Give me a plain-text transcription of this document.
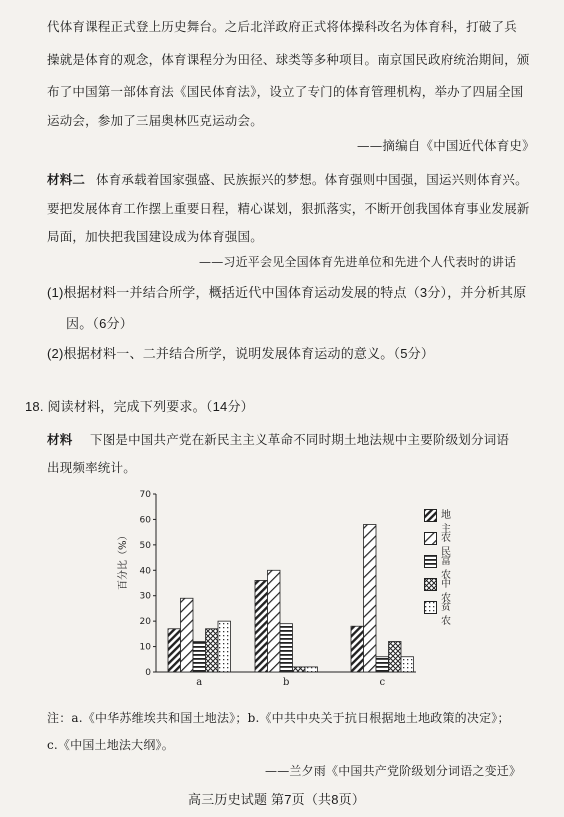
代体育课程正式登上历史舞台。之后北洋政府正式将体操科改名为体育科，打破了兵
操就是体育的观念，体育课程分为田径、球类等多种项目。南京国民政府统治期间，颁
布了中国第一部体育法《国民体育法》，设立了专门的体育管理机构，举办了四届全国
运动会，参加了三届奥林匹克运动会。
——摘编自《中国近代体育史》
材料二 体育承载着国家强盛、民族振兴的梦想。体育强则中国强，国运兴则体育兴。
要把发展体育工作摆上重要日程，精心谋划，狠抓落实，不断开创我国体育事业发展新
局面，加快把我国建设成为体育强国。
——习近平会见全国体育先进单位和先进个人代表时的讲话
(1)根据材料一并结合所学，概括近代中国体育运动发展的特点（3分），并分析其原
因。（6分）
(2)根据材料一、二并结合所学，说明发展体育运动的意义。（5分）
18. 阅读材料，完成下列要求。（14分）
材料 下图是中国共产党在新民主主义革命不同时期土地法规中主要阶级划分词语
出现频率统计。
0
10
20
30
40
50
60
70
a	b	c
百分比（%）
地主
农民
富农
中农
贫农
注：a.《中华苏维埃共和国土地法》；b.《中共中央关于抗日根据地土地政策的决定》；
c.《中国土地法大纲》。
——兰夕雨《中国共产党阶级划分词语之变迁》
高三历史试题 第7页（共8页）
